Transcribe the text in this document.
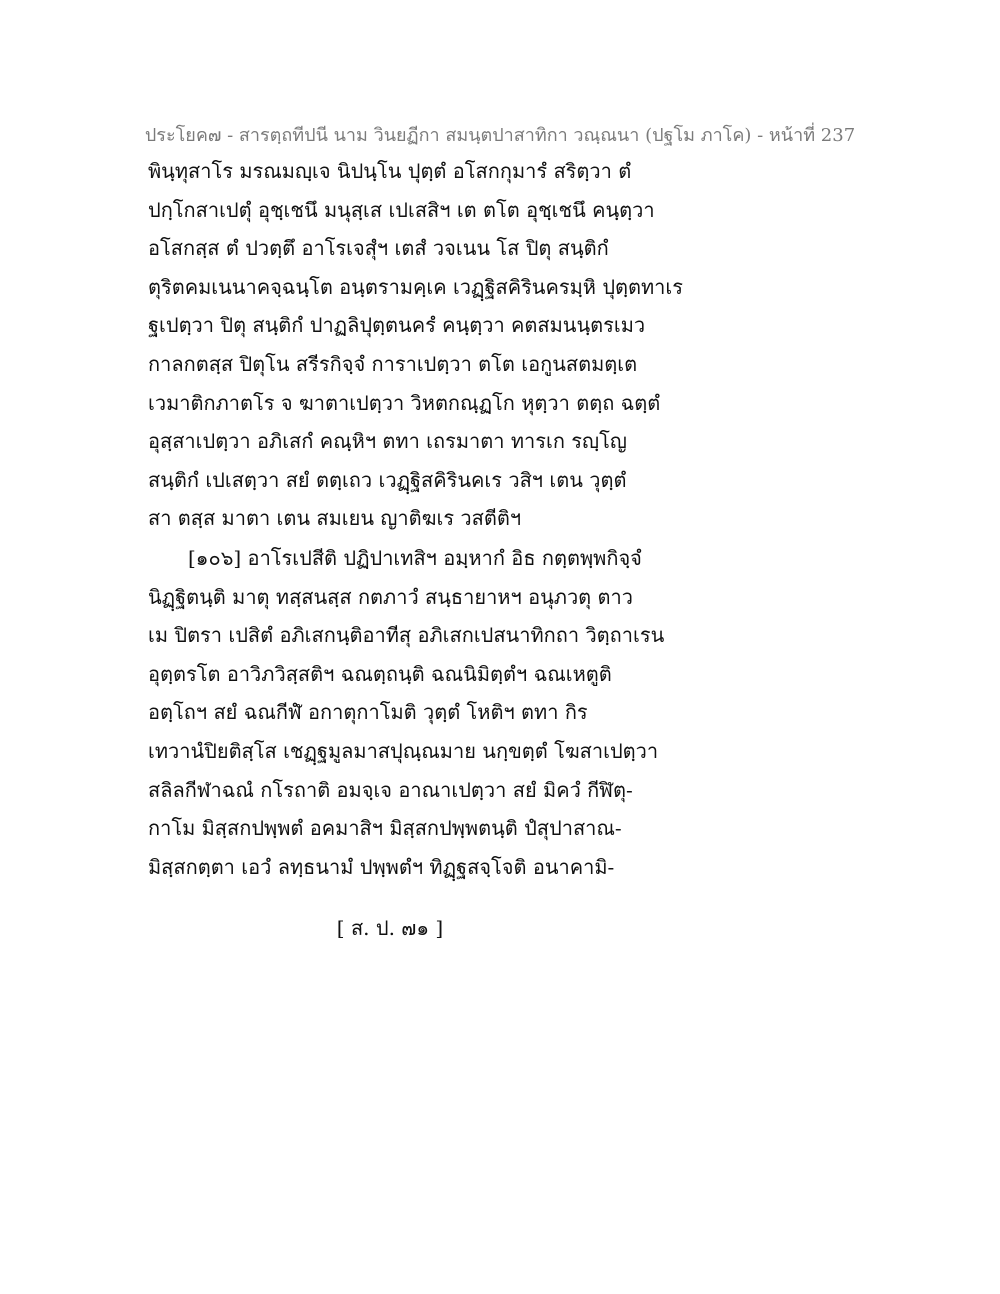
ประโยค๗ - สารตฺถทีปนี นาม วินยฏีกา สมนฺตปาสาทิกา วณฺณนา (ปฐโม ภาโค) - หน้าที่ 237
พินฺทุสาโร มรณมญฺเจ นิปนฺโน ปุตฺตํ อโสกกุมารํ สริตฺวา ตํ
ปกฺโกสาเปตุํ อุชฺเชนึ มนุสฺเส เปเสสิฯ เต ตโต อุชฺเชนึ คนฺตฺวา
อโสกสฺส ตํ ปวตฺตึ อาโรเจสุํฯ เตสํ วจเนน โส ปิตุ สนฺติกํ
ตุริตคมเนนาคจฺฉนฺโต อนฺตรามคฺเค เวฏฺฐิสคิรินครมฺหิ ปุตฺตทาเร
ฐเปตฺวา ปิตุ สนฺติกํ ปาฏลิปุตฺตนครํ คนฺตฺวา คตสมนนฺตรเมว
กาลกตสฺส ปิตุโน สรีรกิจฺจํ การาเปตฺวา ตโต เอกูนสตมตฺเต
เวมาติกภาตโร จ ฆาตาเปตฺวา วิหตกณฺฏโก หุตฺวา ตตฺถ ฉตฺตํ
อุสฺสาเปตฺวา อภิเสกํ คณฺหิฯ ตทา เถรมาตา ทารเก รญฺโญ
สนฺติกํ เปเสตฺวา สยํ ตตฺเถว เวฏฺฐิสคิรินคเร วสิฯ เตน วุตฺตํ
สา ตสฺส มาตา เตน สมเยน ญาติฆเร วสตีติฯ
[๑๐๖] อาโรเปสีติ ปฏิปาเทสิฯ อมฺหากํ อิธ กตฺตพฺพกิจฺจํ
นิฏฺฐิตนฺติ มาตุ ทสฺสนสฺส กตภาวํ สนฺธายาหฯ อนุภวตุ ตาว
เม ปิตรา เปสิตํ อภิเสกนฺติอาทีสุ อภิเสกเปสนาทิกถา วิตฺถาเรน
อุตฺตรโต อาวิภวิสฺสติฯ ฉณตฺถนฺติ ฉณนิมิตฺตํฯ ฉณเหตูติ
อตฺโถฯ สยํ ฉณกีฬํ อกาตุกาโมติ วุตฺตํ โหติฯ ตทา กิร
เทวานํปิยติสฺโส เชฏฺฐมูลมาสปุณฺณมาย นกฺขตฺตํ โฆสาเปตฺวา
สลิลกีฬาฉณํ กโรถาติ อมจฺเจ อาณาเปตฺวา สยํ มิควํ กีฬิตุ-
กาโม มิสฺสกปพฺพตํ อคมาสิฯ มิสฺสกปพฺพตนฺติ ปํสุปาสาณ-
มิสฺสกตฺตา เอวํ ลทฺธนามํ ปพฺพตํฯ ทิฏฺฐสจฺโจติ อนาคามิ-
[ ส. ป. ๗๑ ]
